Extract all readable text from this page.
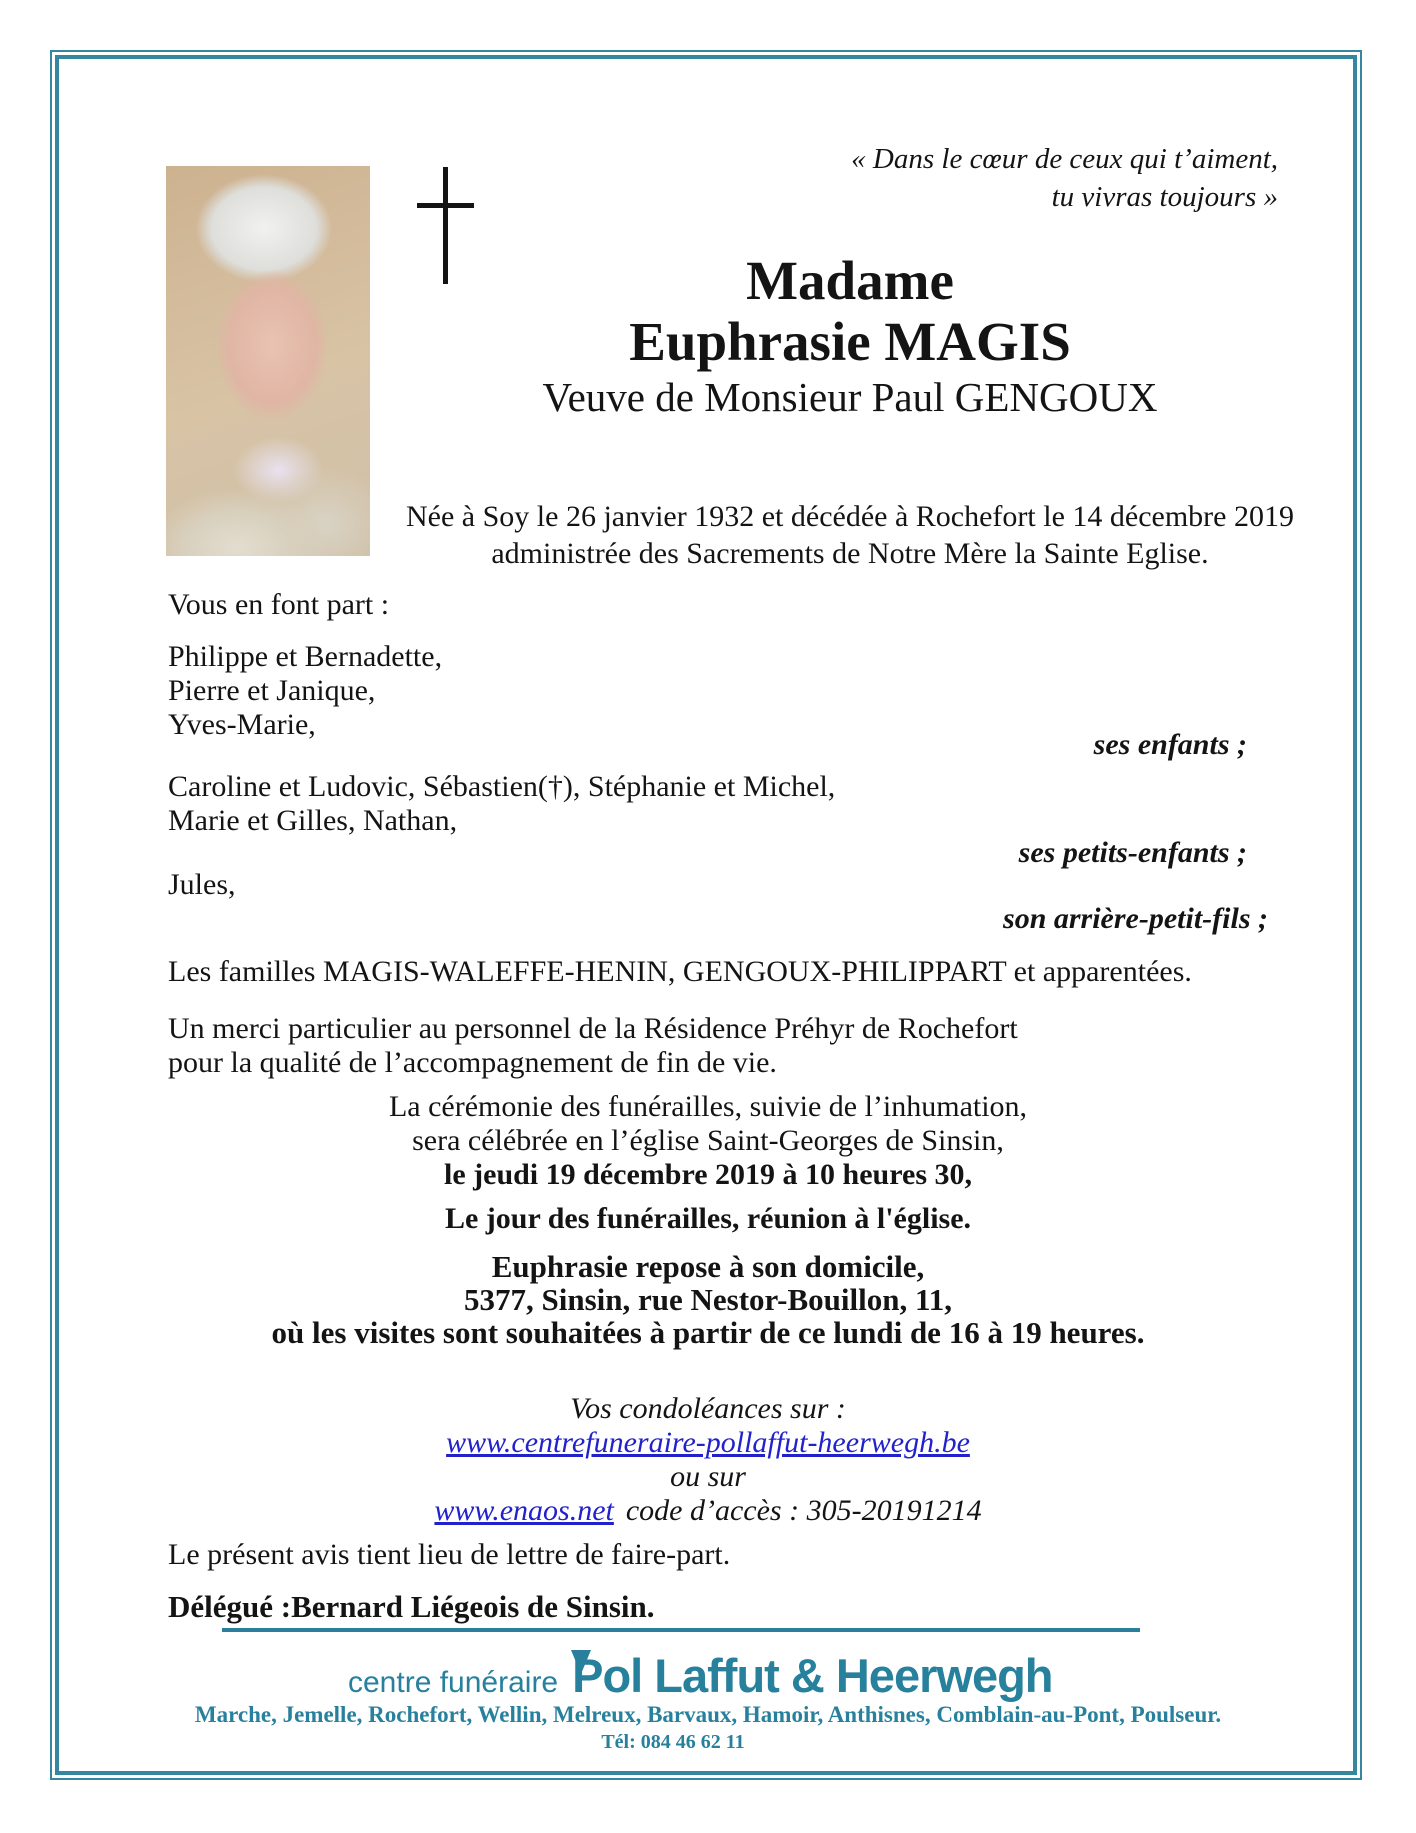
« Dans le cœur de ceux qui t’aiment,
tu vivras toujours »
Madame
Euphrasie MAGIS
Veuve de Monsieur Paul GENGOUX
Née à Soy le 26 janvier 1932 et décédée à Rochefort le 14 décembre 2019
administrée des Sacrements de Notre Mère la Sainte Eglise.
Vous en font part :
Philippe et Bernadette,
Pierre et Janique,
Yves-Marie,
ses enfants ;
Caroline et Ludovic, Sébastien(†), Stéphanie et Michel,
Marie et Gilles, Nathan,
ses petits-enfants ;
Jules,
son arrière-petit-fils ;
Les familles MAGIS-WALEFFE-HENIN, GENGOUX-PHILIPPART et apparentées.
Un merci particulier au personnel de la Résidence Préhyr de Rochefort
pour la qualité de l’accompagnement de fin de vie.
La cérémonie des funérailles, suivie de l’inhumation,
sera célébrée en l’église Saint-Georges de Sinsin,
le jeudi 19 décembre 2019 à 10 heures 30,
Le jour des funérailles, réunion à l'église.
Euphrasie repose à son domicile,
5377, Sinsin, rue Nestor-Bouillon, 11,
où les visites sont souhaitées à partir de ce lundi de 16 à 19 heures.
Vos condoléances sur :
www.centrefuneraire-pollaffut-heerwegh.be
ou sur
www.enaos.net code d’accès : 305-20191214
Le présent avis tient lieu de lettre de faire-part.
Délégué :Bernard Liégeois de Sinsin.
centre funéraire Pol Laffut & Heerwegh
Marche, Jemelle, Rochefort, Wellin, Melreux, Barvaux, Hamoir, Anthisnes, Comblain-au-Pont, Poulseur.
Tél: 084 46 62 11
